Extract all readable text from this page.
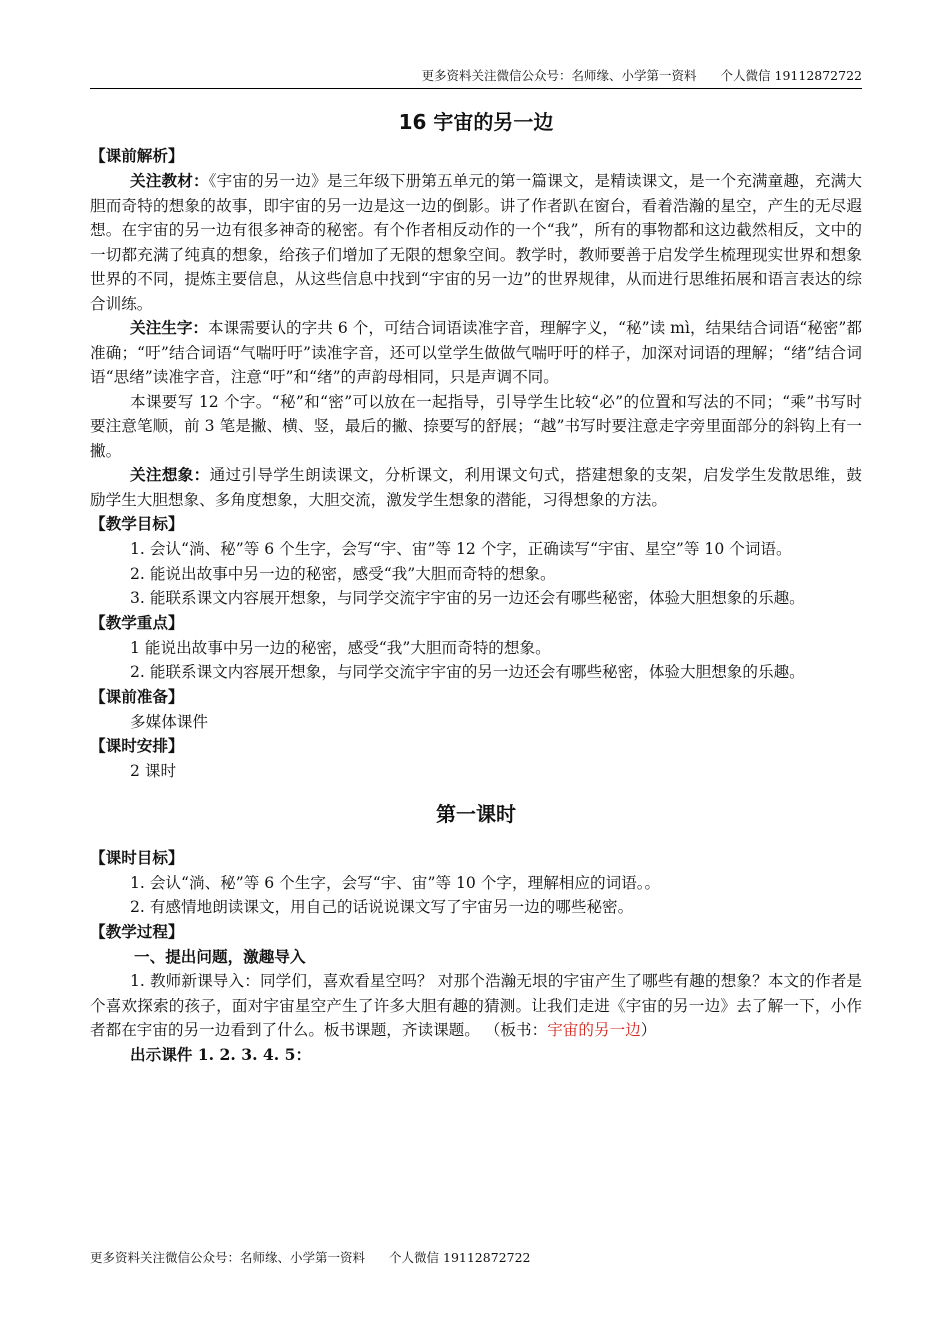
更多资料关注微信公众号：名师缘、小学第一资料 个人微信 19112872722
16 宇宙的另一边
【课前解析】

关注教材：《宇宙的另一边》是三年级下册第五单元的第一篇课文，是精读课文，是一个充满童趣，充满大胆而奇特的想象的故事，即宇宙的另一边是这一边的倒影。讲了作者趴在窗台，看着浩瀚的星空，产生的无尽遐想。在宇宙的另一边有很多神奇的秘密。有个作者相反动作的一个“我”，所有的事物都和这边截然相反，文中的一切都充满了纯真的想象，给孩子们增加了无限的想象空间。教学时，教师要善于启发学生梳理现实世界和想象世界的不同，提炼主要信息，从这些信息中找到“宇宙的另一边”的世界规律，从而进行思维拓展和语言表达的综合训练。

关注生字：本课需要认的字共 6 个，可结合词语读准字音，理解字义，“秘”读 mì，结果结合词语“秘密”都准确；“吁”结合词语“气喘吁吁”读准字音，还可以堂学生做做气喘吁吁的样子，加深对词语的理解；“绪”结合词语“思绪”读准字音，注意“吁”和“绪”的声韵母相同，只是声调不同。

本课要写 12 个字。“秘”和“密”可以放在一起指导，引导学生比较“必”的位置和写法的不同；“乘”书写时要注意笔顺，前 3 笔是撇、横、竖，最后的撇、捺要写的舒展；“越”书写时要注意走字旁里面部分的斜钩上有一撇。

关注想象：通过引导学生朗读课文，分析课文，利用课文句式，搭建想象的支架，启发学生发散思维，鼓励学生大胆想象、多角度想象，大胆交流，激发学生想象的潜能，习得想象的方法。

【教学目标】

1. 会认“淌、秘”等 6 个生字，会写“宇、宙”等 12 个字，正确读写“宇宙、星空”等 10 个词语。

2. 能说出故事中另一边的秘密，感受“我”大胆而奇特的想象。

3. 能联系课文内容展开想象，与同学交流宇宇宙的另一边还会有哪些秘密，体验大胆想象的乐趣。

【教学重点】

1 能说出故事中另一边的秘密，感受“我”大胆而奇特的想象。

2. 能联系课文内容展开想象，与同学交流宇宇宙的另一边还会有哪些秘密，体验大胆想象的乐趣。

【课前准备】

多媒体课件

【课时安排】

2 课时

第一课时
【课时目标】

1. 会认“淌、秘”等 6 个生字，会写“宇、宙”等 10 个字，理解相应的词语。。

2. 有感情地朗读课文，用自己的话说说课文写了宇宙另一边的哪些秘密。

【教学过程】

一、提出问题，激趣导入

1. 教师新课导入：同学们，喜欢看星空吗？ 对那个浩瀚无垠的宇宙产生了哪些有趣的想象？本文的作者是个喜欢探索的孩子，面对宇宙星空产生了许多大胆有趣的猜测。让我们走进《宇宙的另一边》去了解一下，小作者都在宇宙的另一边看到了什么。板书课题，齐读课题。 （板书：宇宙的另一边）

出示课件 1. 2. 3. 4. 5：

更多资料关注微信公众号：名师缘、小学第一资料 个人微信 19112872722
